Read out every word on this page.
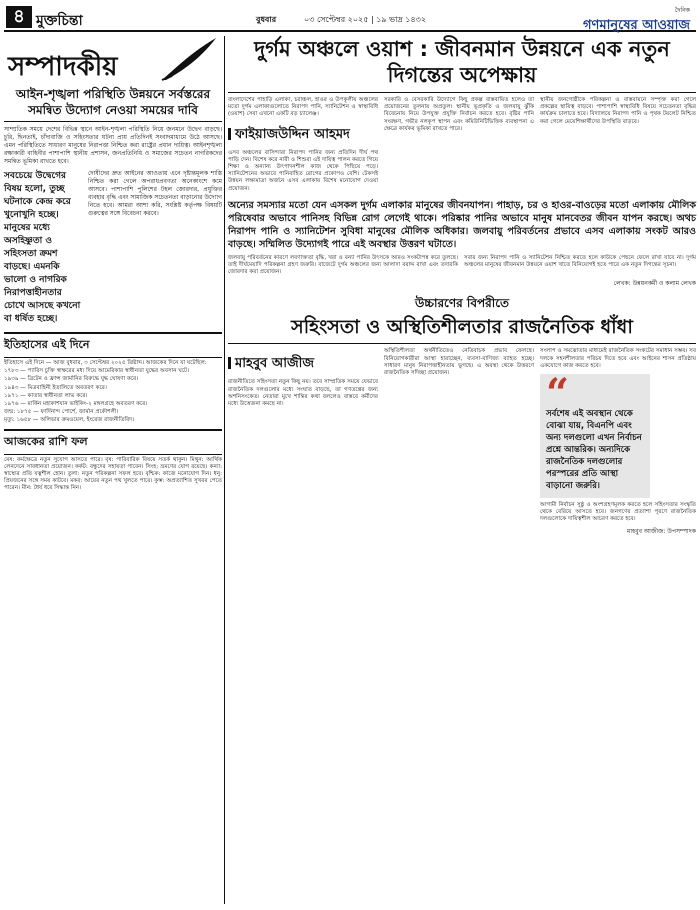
৪ মুক্তচিন্তা	বুধবার	০৩ সেপ্টেম্বর ২০২৫ | ১৯ ভাদ্র ১৪৩২
দৈনিক
গণমানুষের আওয়াজ
সম্পাদকীয়
আইন-শৃঙ্খলা পরিস্থিতি উন্নয়নে সর্বস্তরের সমন্বিত উদ্যোগ নেওয়া সময়ের দাবি
সাম্প্রতিক সময়ে দেশের বিভিন্ন স্থানে আইন-শৃঙ্খলা পরিস্থিতি নিয়ে জনমনে উদ্বেগ বাড়ছে। চুরি, ছিনতাই, চাঁদাবাজি ও সহিংসতার ঘটনা প্রায় প্রতিদিনই সংবাদমাধ্যমে উঠে আসছে। এমন পরিস্থিতিতে সাধারণ মানুষের নিরাপত্তা নিশ্চিত করা রাষ্ট্রের প্রধান দায়িত্ব। আইনশৃঙ্খলা রক্ষাকারী বাহিনীর পাশাপাশি স্থানীয় প্রশাসন, জনপ্রতিনিধি ও সমাজের সচেতন নাগরিকদের সমন্বিত ভূমিকা রাখতে হবে।
সবচেয়ে উদ্বেগের বিষয় হলো, তুচ্ছ ঘটনাকে কেন্দ্র করে খুনোখুনি হচ্ছে। মানুষের মধ্যে অসহিষ্ণুতা ও সহিংসতা ক্রমশ বাড়ছে। এমনকি ভালো ও নাগরিক নিরাপত্তাহীনতার চোখে আসছে কখনো বা ধর্ষিত হচ্ছে।
দোষীদের দ্রুত আইনের আওতায় এনে দৃষ্টান্তমূলক শাস্তি নিশ্চিত করা গেলে অপরাধপ্রবণতা অনেকাংশে কমে আসবে। পাশাপাশি পুলিশের টহল জোরদার, প্রযুক্তির ব্যবহার বৃদ্ধি এবং সামাজিক সচেতনতা বাড়ানোর উদ্যোগ নিতে হবে। আমরা আশা করি, সংশ্লিষ্ট কর্তৃপক্ষ বিষয়টি গুরুত্বের সঙ্গে বিবেচনা করবে।
ইতিহাসের এই দিনে

ইতিহাসে এই দিনে — আজ বুধবার, ৩ সেপ্টেম্বর ২০২৫ খ্রিষ্টাব্দ। আজকের দিনে যা ঘটেছিল:

১৭৮৩ — প্যারিস চুক্তি স্বাক্ষরের মধ্য দিয়ে আমেরিকার স্বাধীনতা যুদ্ধের অবসান ঘটে।

১৯৩৯ — ব্রিটেন ও ফ্রান্স জার্মানির বিরুদ্ধে যুদ্ধ ঘোষণা করে।

১৯৪৩ — মিত্রবাহিনী ইতালিতে অবতরণ করে।

১৯৭১ — কাতার স্বাধীনতা লাভ করে।

১৯৭৬ — মার্কিন মহাকাশযান ভাইকিং-২ মঙ্গলগ্রহে অবতরণ করে।

জন্ম: ১৮৭৫ — ফার্দিনান্দ পোর্শে, জার্মান প্রকৌশলী।

মৃত্যু: ১৬৫৮ — অলিভার ক্রমওয়েল, ইংরেজ রাজনীতিবিদ।

আজকের রাশি ফল
মেষ: কর্মক্ষেত্রে নতুন সুযোগ আসতে পারে। বৃষ: পারিবারিক বিষয়ে সতর্ক থাকুন। মিথুন: আর্থিক লেনদেনে সাবধানতা প্রয়োজন। কর্কট: বন্ধুদের সহায়তা পাবেন। সিংহ: ভ্রমণের যোগ রয়েছে। কন্যা: স্বাস্থ্যের প্রতি যত্নশীল হোন। তুলা: নতুন পরিকল্পনা সফল হবে। বৃশ্চিক: কাজে মনোযোগ দিন। ধনু: প্রিয়জনের সঙ্গে সময় কাটবে। মকর: আয়ের নতুন পথ খুলতে পারে। কুম্ভ: অপ্রত্যাশিত সুখবর পেতে পারেন। মীন: ধৈর্য ধরে সিদ্ধান্ত নিন।
দুর্গম অঞ্চলে ওয়াশ : জীবনমান উন্নয়নে এক নতুন দিগন্তের অপেক্ষায়
বাংলাদেশের পাহাড়ি এলাকা, চরাঞ্চল, হাওর ও উপকূলীয় অঞ্চলের মতো দুর্গম এলাকাগুলোতে নিরাপদ পানি, স্যানিটেশন ও স্বাস্থ্যবিধি (ওয়াশ) সেবা এখনো একটি বড় চ্যালেঞ্জ।
ফাইয়াজউদ্দিন আহমদ
এসব অঞ্চলের বাসিন্দারা নিরাপদ পানির জন্য প্রতিদিন দীর্ঘ পথ পাড়ি দেন। বিশেষ করে নারী ও শিশুরা এই দায়িত্ব পালন করতে গিয়ে শিক্ষা ও অন্যান্য উৎপাদনশীল কাজ থেকে পিছিয়ে পড়ে। স্যানিটেশনের অভাবে পানিবাহিত রোগের প্রকোপও বেশি। টেকসই উন্নয়ন লক্ষ্যমাত্রা অর্জনে এসব এলাকায় বিশেষ মনোযোগ দেওয়া প্রয়োজন।
সরকারি ও বেসরকারি উদ্যোগে কিছু প্রকল্প বাস্তবায়িত হলেও তা প্রয়োজনের তুলনায় অপ্রতুল। স্থানীয় ভূপ্রকৃতি ও জলবায়ু ঝুঁকি বিবেচনায় নিয়ে উপযুক্ত প্রযুক্তি নির্বাচন করতে হবে। বৃষ্টির পানি সংরক্ষণ, গভীর নলকূপ স্থাপন এবং কমিউনিটিভিত্তিক ব্যবস্থাপনা এ ক্ষেত্রে কার্যকর ভূমিকা রাখতে পারে।
স্থানীয় জনগোষ্ঠীকে পরিকল্পনা ও বাস্তবায়নে সম্পৃক্ত করা গেলে প্রকল্পের স্থায়িত্ব বাড়বে। পাশাপাশি স্বাস্থ্যবিধি বিষয়ে সচেতনতা বৃদ্ধির কার্যক্রম চালাতে হবে। বিদ্যালয়ে নিরাপদ পানি ও পৃথক টয়লেট নিশ্চিত করা গেলে মেয়েশিক্ষার্থীদের উপস্থিতি বাড়বে।
অন্যের সমস্যার মতো যেন এসকল দুর্গম এলাকার মানুষের জীবনযাপন। পাহাড়, চর ও হাওর-বাওড়ের মতো এলাকায় মৌলিক পরিষেবার অভাবে পানিসহ বিভিন্ন রোগ লেগেই থাকে। পরিষ্কার পানির অভাবে মানুষ মানবেতর জীবন যাপন করছে। অথচ নিরাপদ পানি ও স্যানিটেশন সুবিধা মানুষের মৌলিক অধিকার। জলবায়ু পরিবর্তনের প্রভাবে এসব এলাকায় সংকট আরও বাড়ছে। সম্মিলিত উদ্যোগই পারে এই অবস্থার উত্তরণ ঘটাতে।
জলবায়ু পরিবর্তনের কারণে লবণাক্ততা বৃদ্ধি, খরা ও বন্যা পানির উৎসকে আরও সংকটাপন্ন করে তুলছে। তাই দীর্ঘমেয়াদি পরিকল্পনা গ্রহণ জরুরি। বাজেটে দুর্গম অঞ্চলের জন্য আলাদা বরাদ্দ রাখা এবং তদারকি জোরদার করা প্রয়োজন।
সবার জন্য নিরাপদ পানি ও স্যানিটেশন নিশ্চিত করতে হলে কাউকে পেছনে ফেলে রাখা যাবে না। দুর্গম অঞ্চলের মানুষের জীবনমান উন্নয়নে ওয়াশ খাতে বিনিয়োগই হতে পারে এক নতুন দিগন্তের সূচনা।
লেখক: উন্নয়নকর্মী ও কলাম লেখক
উচ্চারণের বিপরীতে
সহিংসতা ও অস্থিতিশীলতার রাজনৈতিক ধাঁধা
মাহবুব আজীজ
রাজনীতিতে সহিংসতা নতুন কিছু নয়। তবে সাম্প্রতিক সময়ে যেভাবে রাজনৈতিক দলগুলোর মধ্যে সংঘাত বাড়ছে, তা গণতন্ত্রের জন্য অশনিসংকেত। নেতারা মুখে শান্তির কথা বললেও বাস্তবে কর্মীদের মধ্যে উত্তেজনা কমছে না।
অস্থিতিশীলতা অর্থনীতিতেও নেতিবাচক প্রভাব ফেলছে। বিনিয়োগকারীরা আস্থা হারাচ্ছেন, ব্যবসা-বাণিজ্য ব্যাহত হচ্ছে। সাধারণ মানুষ নিরাপত্তাহীনতায় ভুগছে। এ অবস্থা থেকে উত্তরণে রাজনৈতিক সদিচ্ছা প্রয়োজন।
সংলাপ ও সমঝোতার মাধ্যমেই রাজনৈতিক সংকটের সমাধান সম্ভব। সব দলকে সহনশীলতার পরিচয় দিতে হবে এবং আইনের শাসন প্রতিষ্ঠায় একযোগে কাজ করতে হবে।
“
সর্বশেষ এই অবস্থান থেকে বোঝা যায়, বিএনপি এবং অন্য দলগুলো এখন নির্বাচন প্রশ্নে আন্তরিক। অন্যদিকে রাজনৈতিক দলগুলোর পরস্পরের প্রতি আস্থা বাড়ানো জরুরি।
আগামী নির্বাচন সুষ্ঠু ও অংশগ্রহণমূলক করতে হলে সহিংসতার সংস্কৃতি থেকে বেরিয়ে আসতে হবে। জনগণের প্রত্যাশা পূরণে রাজনৈতিক দলগুলোকে দায়িত্বশীল আচরণ করতে হবে।
মাহবুব আজীজ: উপসম্পাদক
